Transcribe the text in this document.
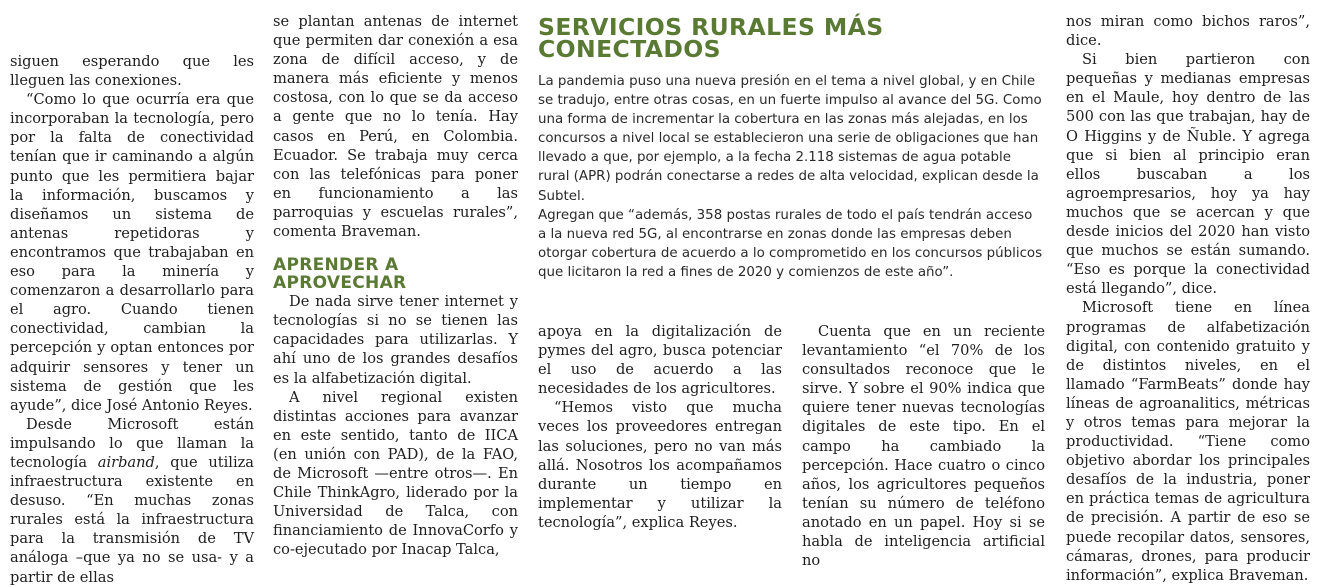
siguen esperando que les lleguen las conexiones.

“Como lo que ocurría era que incorporaban la tecnología, pero por la falta de conectividad tenían que ir caminando a algún punto que les permitiera bajar la información, buscamos y diseñamos un sistema de antenas repetidoras y encontramos que trabajaban en eso para la minería y comenzaron a desarrollarlo para el agro. Cuando tienen conectividad, cambian la percepción y optan entonces por adquirir sensores y tener un sistema de gestión que les ayude”, dice José Antonio Reyes.

Desde Microsoft están impulsando lo que llaman la tecnología airband, que utiliza infraestructura existente en desuso. “En muchas zonas rurales está la infraestructura para la transmisión de TV análoga –que ya no se usa- y a partir de ellas

se plantan antenas de internet que permiten dar conexión a esa zona de difícil acceso, y de manera más eficiente y menos costosa, con lo que se da acceso a gente que no lo tenía. Hay casos en Perú, en Colombia. Ecuador. Se trabaja muy cerca con las telefónicas para poner en funcionamiento a las parroquias y escuelas rurales”, comenta Braveman.

APRENDER A
APROVECHAR

De nada sirve tener internet y tecnologías si no se tienen las capacidades para utilizarlas. Y ahí uno de los grandes desafíos es la alfabetización digital.

A nivel regional existen distintas acciones para avanzar en este sentido, tanto de IICA (en unión con PAD), de la FAO, de Microsoft —entre otros—. En Chile ThinkAgro, liderado por la Universidad de Talca, con financiamiento de InnovaCorfo y co-ejecutado por Inacap Talca,

SERVICIOS RURALES MÁS
CONECTADOS

La pandemia puso una nueva presión en el tema a nivel global, y en Chile se tradujo, entre otras cosas, en un fuerte impulso al avance del 5G. Como una forma de incrementar la cobertura en las zonas más alejadas, en los concursos a nivel local se establecieron una serie de obligaciones que han llevado a que, por ejemplo, a la fecha 2.118 sistemas de agua potable rural (APR) podrán conectarse a redes de alta velocidad, explican desde la Subtel.

Agregan que “además, 358 postas rurales de todo el país tendrán acceso a la nueva red 5G, al encontrarse en zonas donde las empresas deben otorgar cobertura de acuerdo a lo comprometido en los concursos públicos que licitaron la red a fines de 2020 y comienzos de este año”.

apoya en la digitalización de pymes del agro, busca potenciar el uso de acuerdo a las necesidades de los agricultores.

“Hemos visto que mucha veces los proveedores entregan las soluciones, pero no van más allá. Nosotros los acompañamos durante un tiempo en implementar y utilizar la tecnología”, explica Reyes.

Cuenta que en un reciente levantamiento “el 70% de los consultados reconoce que le sirve. Y sobre el 90% indica que quiere tener nuevas tecnologías digitales de este tipo. En el campo ha cambiado la percepción. Hace cuatro o cinco años, los agricultores pequeños tenían su número de teléfono anotado en un papel. Hoy si se habla de inteligencia artificial no

nos miran como bichos raros”, dice.

Si bien partieron con pequeñas y medianas empresas en el Maule, hoy dentro de las 500 con las que trabajan, hay de O Higgins y de Ñuble. Y agrega que si bien al principio eran ellos buscaban a los agroempresarios, hoy ya hay muchos que se acercan y que desde inicios del 2020 han visto que muchos se están sumando. “Eso es porque la conectividad está llegando”, dice.

Microsoft tiene en línea programas de alfabetización digital, con contenido gratuito y de distintos niveles, en el llamado “FarmBeats” donde hay líneas de agroanalitics, métricas y otros temas para mejorar la productividad. “Tiene como objetivo abordar los principales desafíos de la industria, poner en práctica temas de agricultura de precisión. A partir de eso se puede recopilar datos, sensores, cámaras, drones, para producir información”, explica Braveman.
